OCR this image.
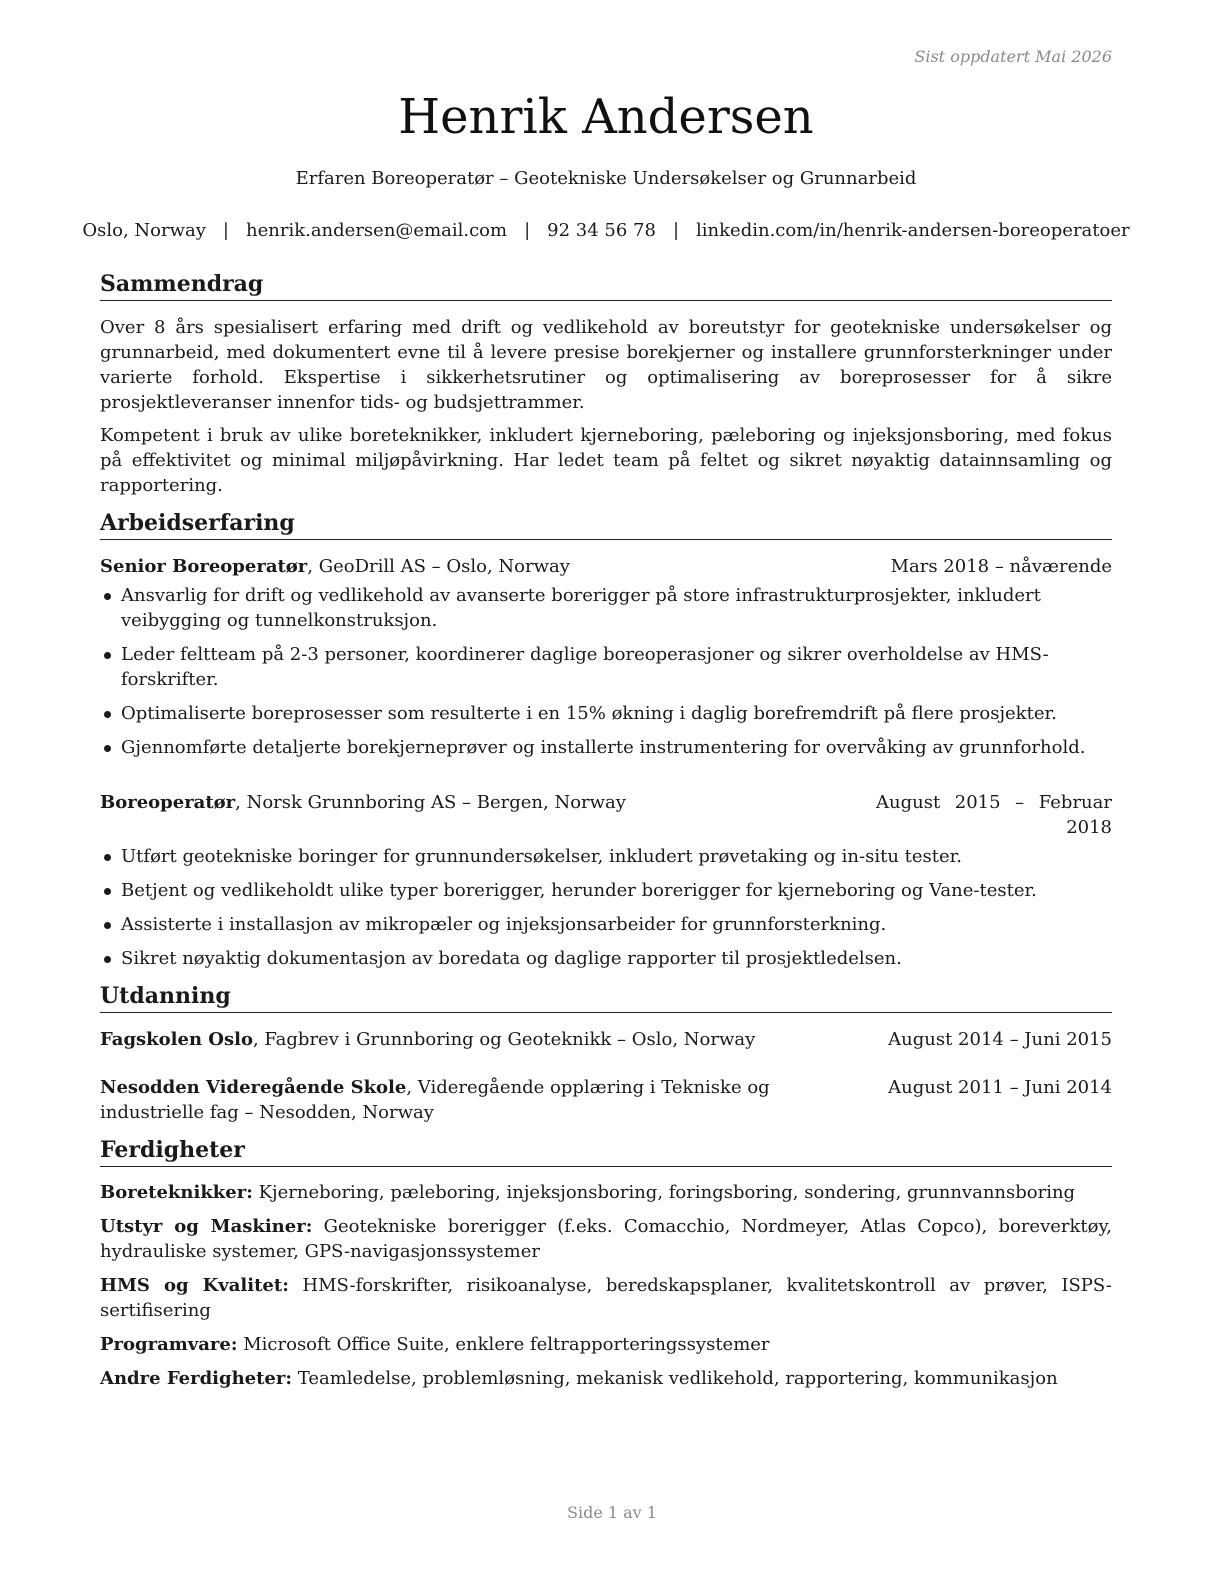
Sist oppdatert Mai 2026
Henrik Andersen
Erfaren Boreoperatør – Geotekniske Undersøkelser og Grunnarbeid
Oslo, Norway | henrik.andersen@email.com | 92 34 56 78 | linkedin.com/in/henrik-andersen-boreoperatoer
Sammendrag

Over 8 års spesialisert erfaring med drift og vedlikehold av boreutstyr for geotekniske undersøkelser og grunnarbeid, med dokumentert evne til å levere presise borekjerner og installere grunnforsterkninger under varierte forhold. Ekspertise i sikkerhetsrutiner og optimalisering av boreprosesser for å sikre prosjektleveranser innenfor tids- og budsjettrammer.

Kompetent i bruk av ulike boreteknikker, inkludert kjerneboring, pæleboring og injeksjonsboring, med fokus på effektivitet og minimal miljøpåvirkning. Har ledet team på feltet og sikret nøyaktig datainnsamling og rapportering.

Arbeidserfaring
Senior Boreoperatør, GeoDrill AS – Oslo, Norway	Mars 2018 – nåværende
Ansvarlig for drift og vedlikehold av avanserte borerigger på store infrastrukturprosjekter, inkludert veibygging og tunnelkonstruksjon.
Leder feltteam på 2-3 personer, koordinerer daglige boreoperasjoner og sikrer overholdelse av HMS-forskrifter.
Optimaliserte boreprosesser som resulterte i en 15% økning i daglig borefremdrift på flere prosjekter.
Gjennomførte detaljerte borekjerneprøver og installerte instrumentering for overvåking av grunnforhold.
Boreoperatør, Norsk Grunnboring AS – Bergen, Norway	August 2015 – Februar 2018
Utført geotekniske boringer for grunnundersøkelser, inkludert prøvetaking og in-situ tester.
Betjent og vedlikeholdt ulike typer borerigger, herunder borerigger for kjerneboring og Vane-tester.
Assisterte i installasjon av mikropæler og injeksjonsarbeider for grunnforsterkning.
Sikret nøyaktig dokumentasjon av boredata og daglige rapporter til prosjektledelsen.
Utdanning
Fagskolen Oslo, Fagbrev i Grunnboring og Geoteknikk – Oslo, Norway	August 2014 – Juni 2015
Nesodden Videregående Skole, Videregående opplæring i Tekniske og industrielle fag – Nesodden, Norway
August 2011 – Juni 2014
Ferdigheter
Boreteknikker: Kjerneboring, pæleboring, injeksjonsboring, foringsboring, sondering, grunnvannsboring
Utstyr og Maskiner: Geotekniske borerigger (f.eks. Comacchio, Nordmeyer, Atlas Copco), boreverktøy, hydrauliske systemer, GPS-navigasjonssystemer
HMS og Kvalitet: HMS-forskrifter, risikoanalyse, beredskapsplaner, kvalitetskontroll av prøver, ISPS-sertifisering
Programvare: Microsoft Office Suite, enklere feltrapporteringssystemer
Andre Ferdigheter: Teamledelse, problemløsning, mekanisk vedlikehold, rapportering, kommunikasjon
Side 1 av 1
